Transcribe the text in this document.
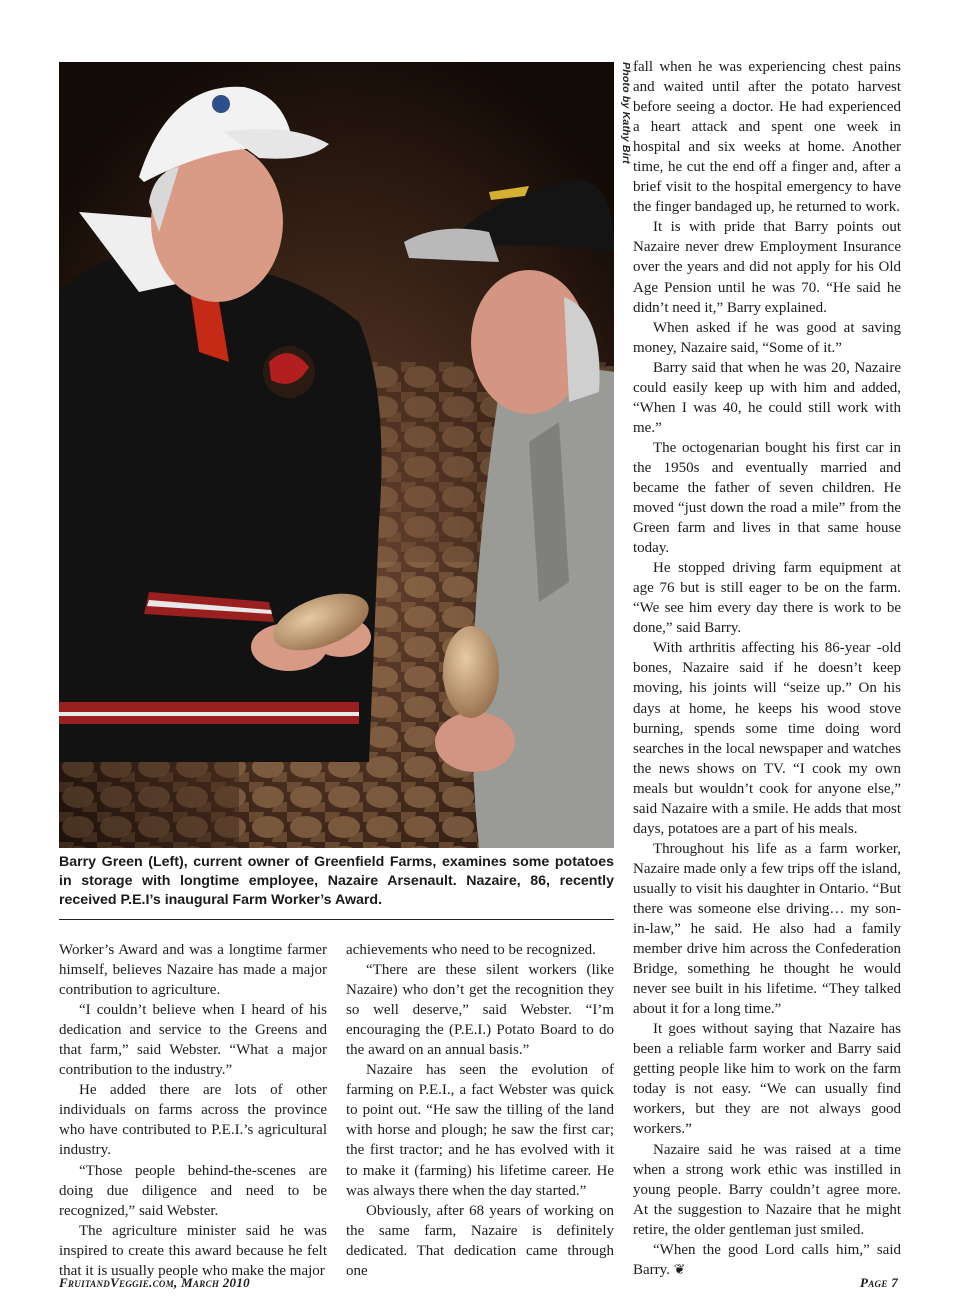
Photo by Kathy Birt
Barry Green (Left), current owner of Greenfield Farms, examines some potatoes in storage with longtime employee, Nazaire Arsenault. Nazaire, 86, recently received P.E.I’s inaugural Farm Worker’s Award.

Worker’s Award and was a longtime farmer himself, believes Nazaire has made a major contribution to agriculture.

“I couldn’t believe when I heard of his dedication and service to the Greens and that farm,” said Webster. “What a major contribution to the industry.”

He added there are lots of other individuals on farms across the province who have contributed to P.E.I.’s agricultural industry.

“Those people behind-the-scenes are doing due diligence and need to be recognized,” said Webster.

The agriculture minister said he was inspired to create this award because he felt that it is usually people who make the major

achievements who need to be recognized.

“There are these silent workers (like Nazaire) who don’t get the recognition they so well deserve,” said Webster. “I’m encouraging the (P.E.I.) Potato Board to do the award on an annual basis.”

Nazaire has seen the evolution of farming on P.E.I., a fact Webster was quick to point out. “He saw the tilling of the land with horse and plough; he saw the first car; the first tractor; and he has evolved with it to make it (farming) his lifetime career. He was always there when the day started.”

Obviously, after 68 years of working on the same farm, Nazaire is definitely dedicated. That dedication came through one

fall when he was experiencing chest pains and waited until after the potato harvest before seeing a doctor. He had experienced a heart attack and spent one week in hospital and six weeks at home. Another time, he cut the end off a finger and, after a brief visit to the hospital emergency to have the finger bandaged up, he returned to work.

It is with pride that Barry points out Nazaire never drew Employment Insurance over the years and did not apply for his Old Age Pension until he was 70. “He said he didn’t need it,” Barry explained.

When asked if he was good at saving money, Nazaire said, “Some of it.”

Barry said that when he was 20, Nazaire could easily keep up with him and added, “When I was 40, he could still work with me.”

The octogenarian bought his first car in the 1950s and eventually married and became the father of seven children. He moved “just down the road a mile” from the Green farm and lives in that same house today.

He stopped driving farm equipment at age 76 but is still eager to be on the farm. “We see him every day there is work to be done,” said Barry.

With arthritis affecting his 86-year -old bones, Nazaire said if he doesn’t keep moving, his joints will “seize up.” On his days at home, he keeps his wood stove burning, spends some time doing word searches in the local newspaper and watches the news shows on TV. “I cook my own meals but wouldn’t cook for anyone else,” said Nazaire with a smile. He adds that most days, potatoes are a part of his meals.

Throughout his life as a farm worker, Nazaire made only a few trips off the island, usually to visit his daughter in Ontario. “But there was someone else driving… my son-in-law,” he said. He also had a family member drive him across the Confederation Bridge, something he thought he would never see built in his lifetime. “They talked about it for a long time.”

It goes without saying that Nazaire has been a reliable farm worker and Barry said getting people like him to work on the farm today is not easy. “We can usually find workers, but they are not always good workers.”

Nazaire said he was raised at a time when a strong work ethic was instilled in young people. Barry couldn’t agree more. At the suggestion to Nazaire that he might retire, the older gentleman just smiled.

“When the good Lord calls him,” said Barry. ❦

FruitandVeggie.com, March 2010	Page 7
